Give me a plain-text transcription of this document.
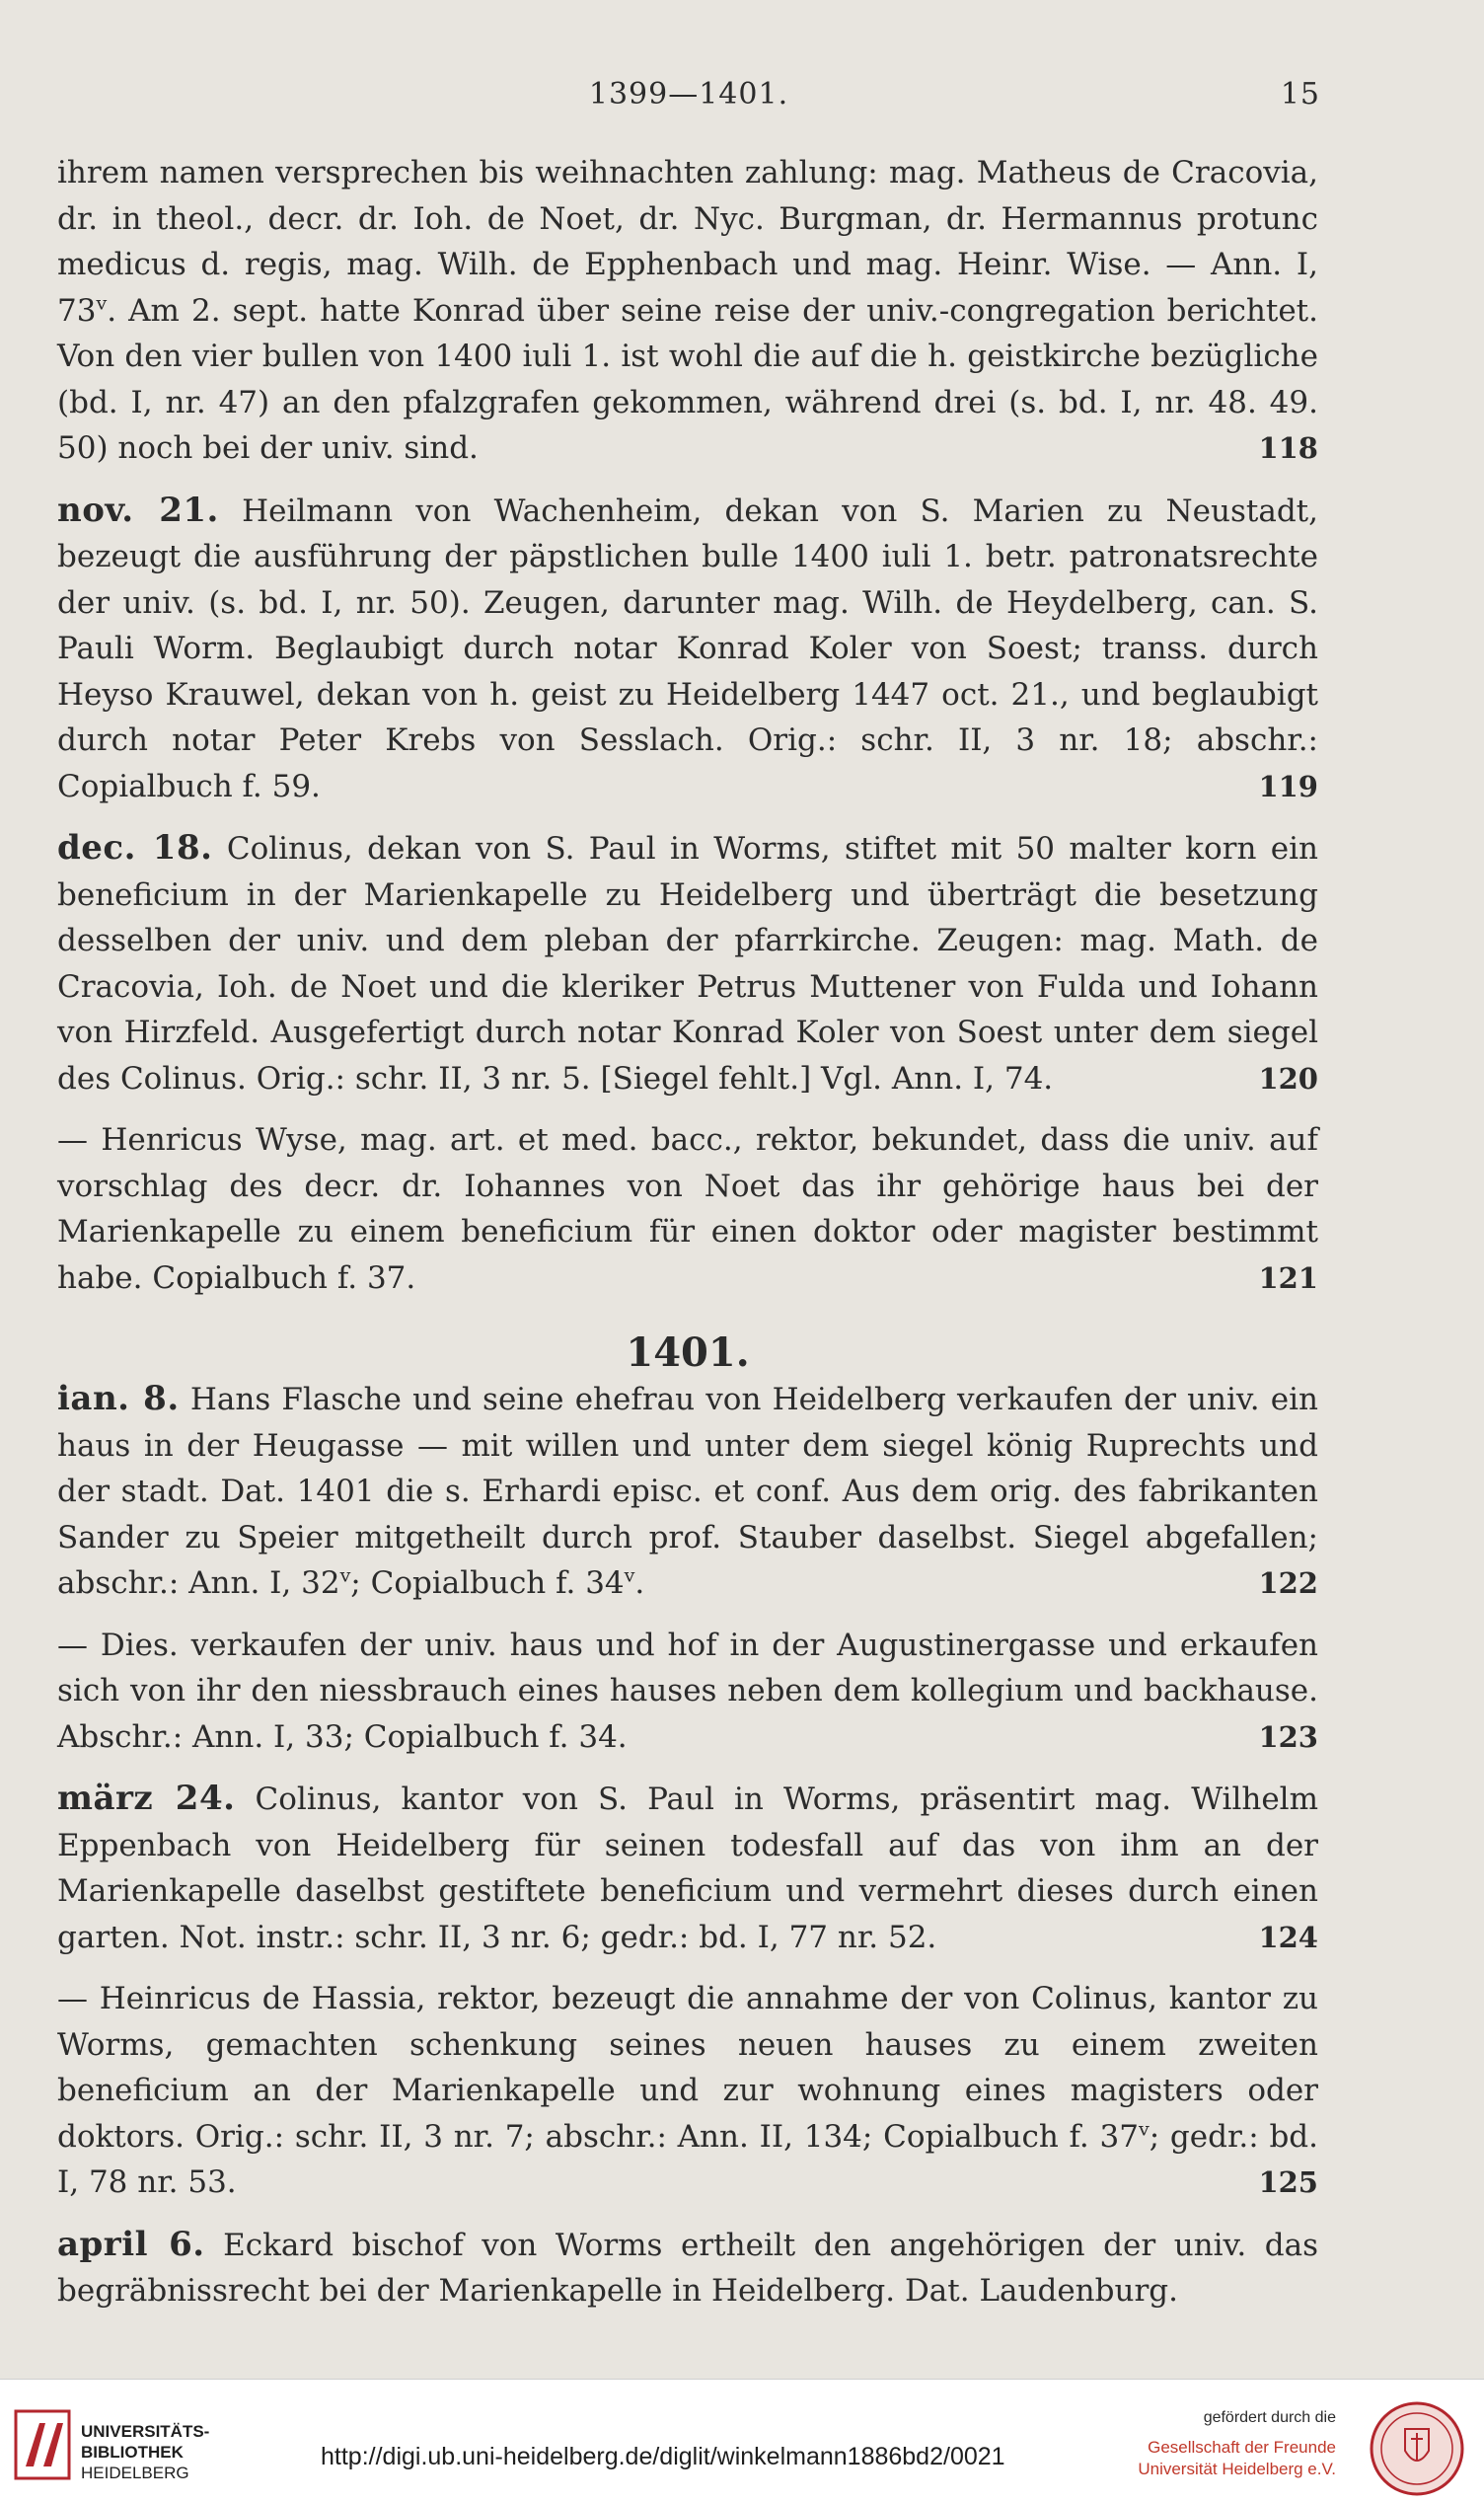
1399—1401.	15

ihrem namen versprechen bis weihnachten zahlung: mag. Matheus de Cracovia, dr. in theol., decr. dr. Ioh. de Noet, dr. Nyc. Burgman, dr. Hermannus protunc medicus d. regis, mag. Wilh. de Epphenbach und mag. Heinr. Wise. — Ann. I, 73$^v$. Am 2. sept. hatte Konrad über seine reise der univ.-congregation berichtet. Von den vier bullen von 1400 iuli 1. ist wohl die auf die h. geistkirche bezügliche (bd. I, nr. 47) an den pfalzgrafen gekommen, während drei (s. bd. I, nr. 48. 49. 50) noch bei der univ. sind.	118

nov. 21. Heilmann von Wachenheim, dekan von S. Marien zu Neustadt, bezeugt die ausführung der päpstlichen bulle 1400 iuli 1. betr. patronatsrechte der univ. (s. bd. I, nr. 50). Zeugen, darunter mag. Wilh. de Heydelberg, can. S. Pauli Worm. Beglaubigt durch notar Konrad Koler von Soest; transs. durch Heyso Krauwel, dekan von h. geist zu Heidelberg 1447 oct. 21., und beglaubigt durch notar Peter Krebs von Sesslach. Orig.: schr. II, 3 nr. 18; abschr.: Copialbuch f. 59.	119

dec. 18. Colinus, dekan von S. Paul in Worms, stiftet mit 50 malter korn ein beneficium in der Marienkapelle zu Heidelberg und überträgt die besetzung desselben der univ. und dem pleban der pfarrkirche. Zeugen: mag. Math. de Cracovia, Ioh. de Noet und die kleriker Petrus Muttener von Fulda und Iohann von Hirzfeld. Ausgefertigt durch notar Konrad Koler von Soest unter dem siegel des Colinus. Orig.: schr. II, 3 nr. 5. [Siegel fehlt.] Vgl. Ann. I, 74.	120

— Henricus Wyse, mag. art. et med. bacc., rektor, bekundet, dass die univ. auf vorschlag des decr. dr. Iohannes von Noet das ihr gehörige haus bei der Marienkapelle zu einem beneficium für einen doktor oder magister bestimmt habe. Copialbuch f. 37.	121

1401.

ian. 8. Hans Flasche und seine ehefrau von Heidelberg verkaufen der univ. ein haus in der Heugasse — mit willen und unter dem siegel könig Ruprechts und der stadt. Dat. 1401 die s. Erhardi episc. et conf. Aus dem orig. des fabrikanten Sander zu Speier mitgetheilt durch prof. Stauber daselbst. Siegel abgefallen; abschr.: Ann. I, 32$^v$; Copialbuch f. 34$^v$.	122

— Dies. verkaufen der univ. haus und hof in der Augustinergasse und erkaufen sich von ihr den niessbrauch eines hauses neben dem kollegium und backhause. Abschr.: Ann. I, 33; Copialbuch f. 34.	123

märz 24. Colinus, kantor von S. Paul in Worms, präsentirt mag. Wilhelm Eppenbach von Heidelberg für seinen todesfall auf das von ihm an der Marienkapelle daselbst gestiftete beneficium und vermehrt dieses durch einen garten. Not. instr.: schr. II, 3 nr. 6; gedr.: bd. I, 77 nr. 52.	124

— Heinricus de Hassia, rektor, bezeugt die annahme der von Colinus, kantor zu Worms, gemachten schenkung seines neuen hauses zu einem zweiten beneficium an der Marienkapelle und zur wohnung eines magisters oder doktors. Orig.: schr. II, 3 nr. 7; abschr.: Ann. II, 134; Copialbuch f. 37$^v$; gedr.: bd. I, 78 nr. 53.	125

april 6. Eckard bischof von Worms ertheilt den angehörigen der univ. das begräbnissrecht bei der Marienkapelle in Heidelberg. Dat. Laudenburg.

UNIVERSITÄTS-
BIBLIOTHEK
HEIDELBERG
http://digi.ub.uni-heidelberg.de/diglit/winkelmann1886bd2/0021
gefördert durch die
Gesellschaft der Freunde
Universität Heidelberg e.V.
